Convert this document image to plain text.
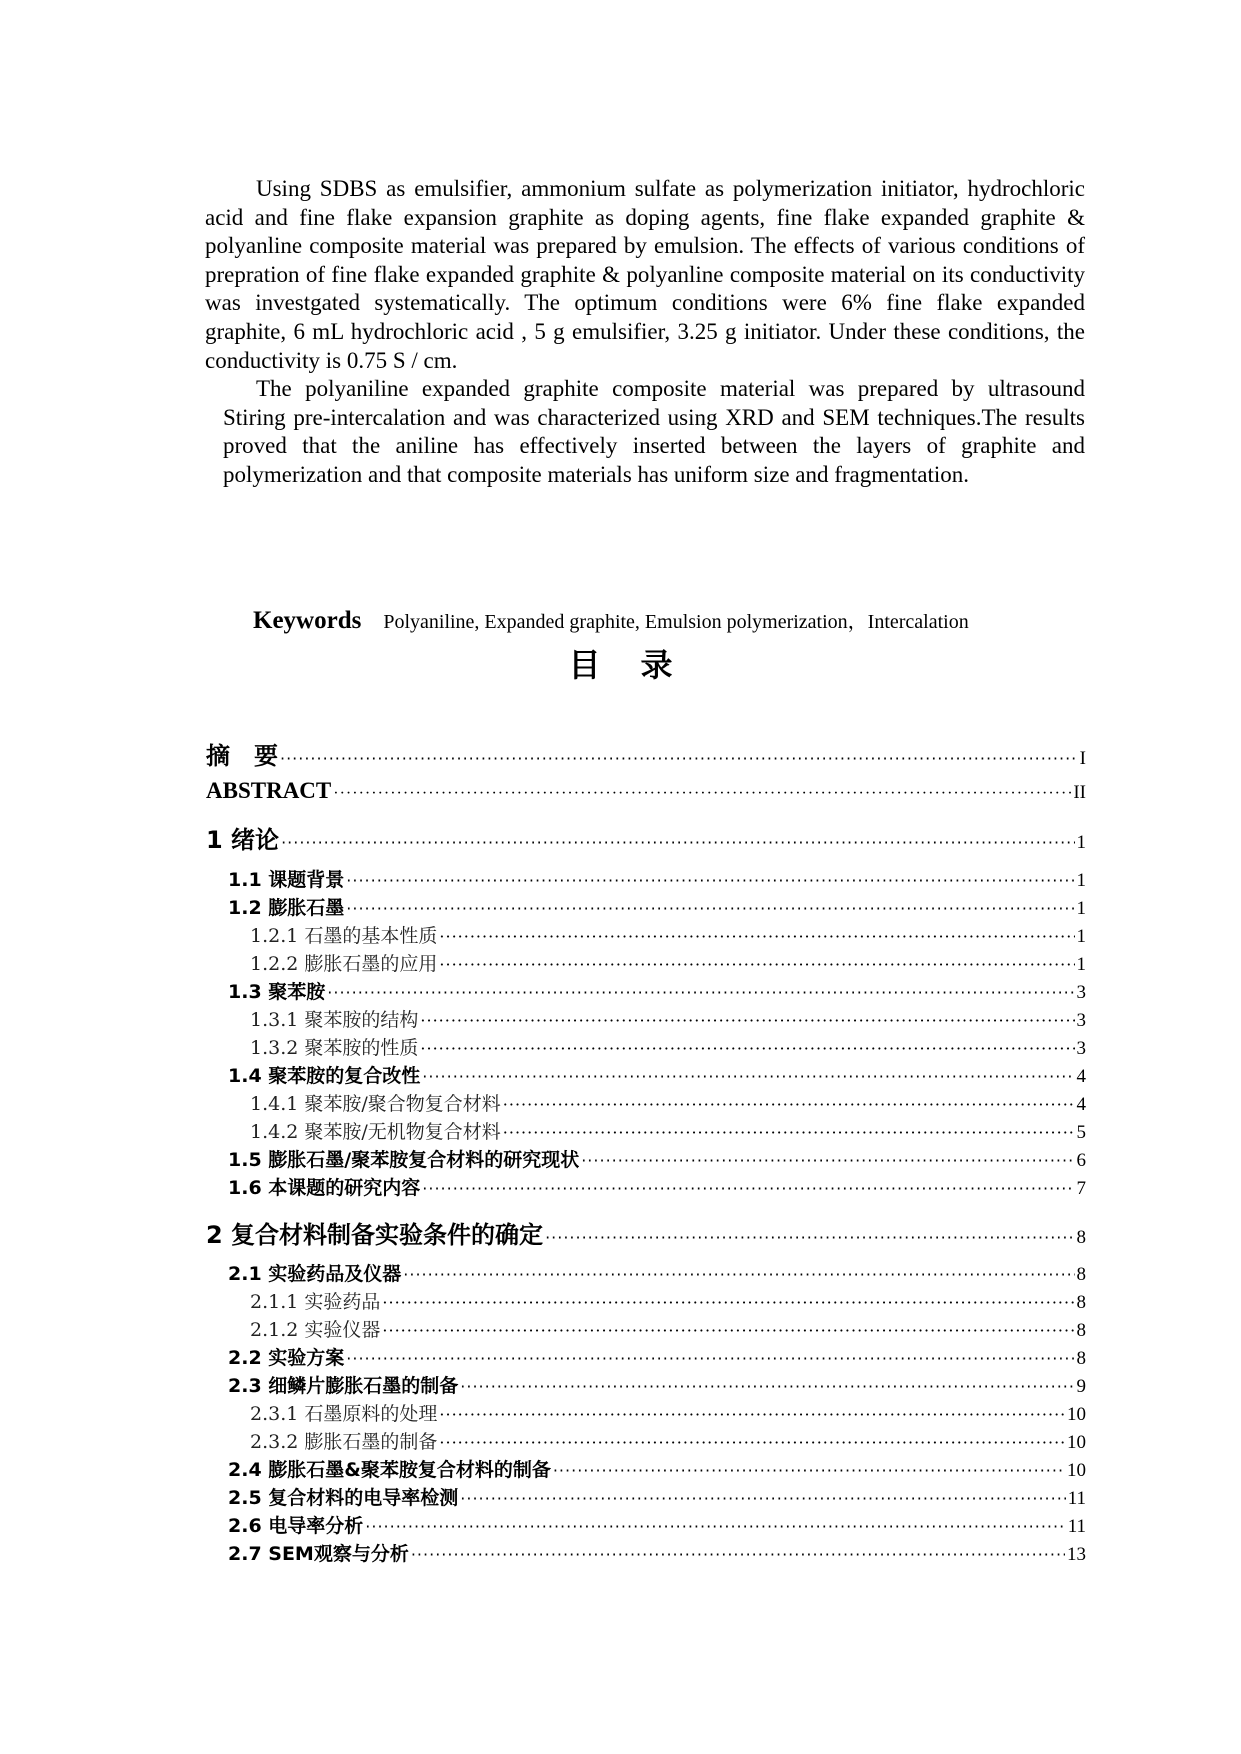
Using SDBS as emulsifier, ammonium sulfate as polymerization initiator, hydrochloric acid and fine flake expansion graphite as doping agents, fine flake expanded graphite & polyanline composite material was prepared by emulsion. The effects of various conditions of prepration of fine flake expanded graphite & polyanline composite material on its conductivity was investgated systematically. The optimum conditions were 6% fine flake expanded graphite, 6 mL hydrochloric acid , 5 g emulsifier, 3.25 g initiator. Under these conditions, the conductivity is 0.75 S / cm.

The polyaniline expanded graphite composite material was prepared by ultrasound Stiring pre-intercalation and was characterized using XRD and SEM techniques.The results proved that the aniline has effectively inserted between the layers of graphite and polymerization and that composite materials has uniform size and fragmentation.

Keywords Polyaniline, Expanded graphite, Emulsion polymerization，Intercalation
目录
摘　要 ·····	I
ABSTRACT ·····	II
1 绪论 ·····	1
1.1 课题背景 ·····	1
1.2 膨胀石墨 ·····	1
1.2.1 石墨的基本性质 ·····	1
1.2.2 膨胀石墨的应用 ·····	1
1.3 聚苯胺 ·····	3
1.3.1 聚苯胺的结构 ·····	3
1.3.2 聚苯胺的性质 ·····	3
1.4 聚苯胺的复合改性 ·····	4
1.4.1 聚苯胺/聚合物复合材料 ·····	4
1.4.2 聚苯胺/无机物复合材料 ·····	5
1.5 膨胀石墨/聚苯胺复合材料的研究现状 ·····	6
1.6 本课题的研究内容 ·····	7
2 复合材料制备实验条件的确定 ·····	8
2.1 实验药品及仪器 ·····	8
2.1.1 实验药品 ·····	8
2.1.2 实验仪器 ·····	8
2.2 实验方案 ·····	8
2.3 细鳞片膨胀石墨的制备 ·····	9
2.3.1 石墨原料的处理 ·····	10
2.3.2 膨胀石墨的制备 ·····	10
2.4 膨胀石墨&聚苯胺复合材料的制备 ·····	10
2.5 复合材料的电导率检测 ·····	11
2.6 电导率分析 ·····	11
2.7 SEM观察与分析 ·····	13
